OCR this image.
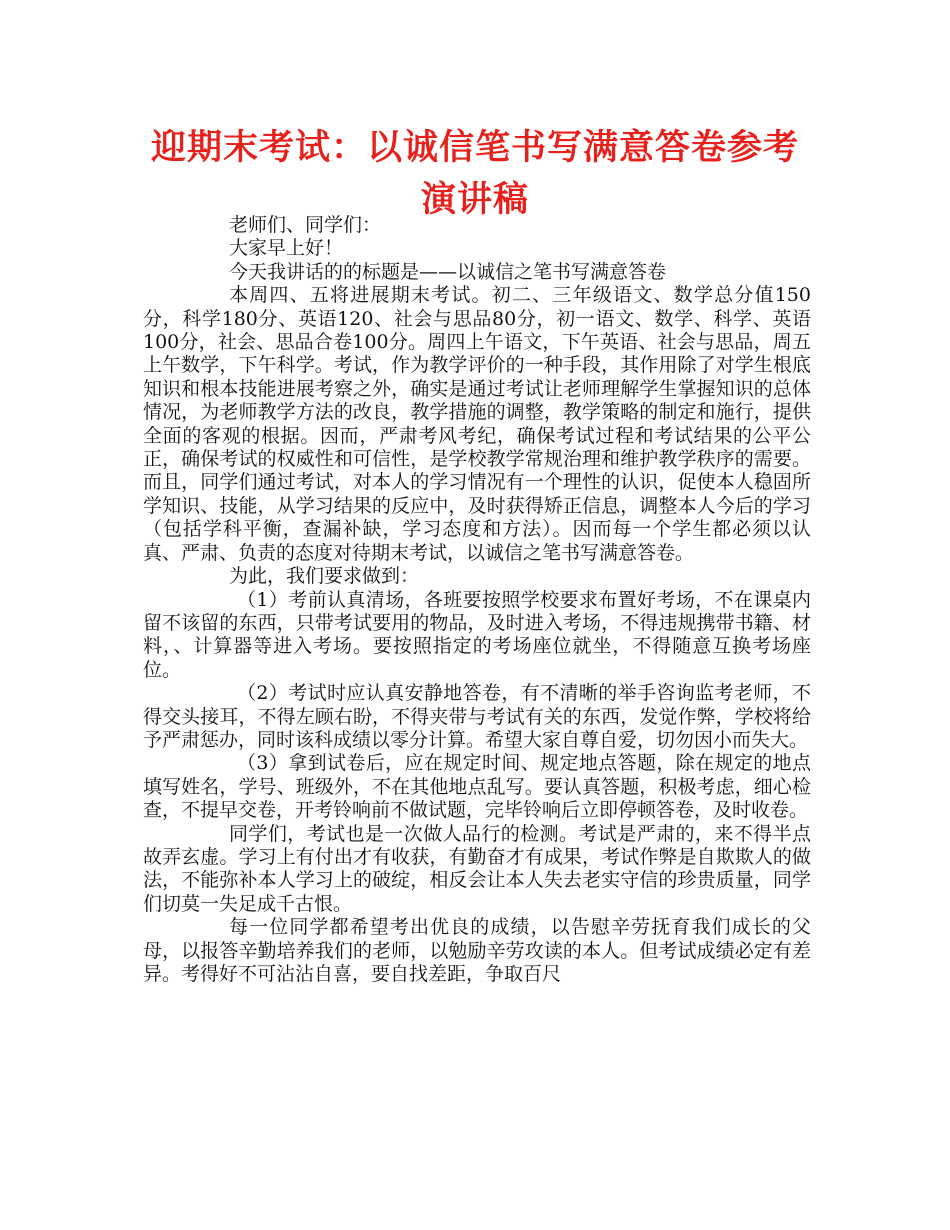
迎期末考试：以诚信笔书写满意答卷参考
演讲稿

老师们、同学们：

大家早上好！

今天我讲话的的标题是——以诚信之笔书写满意答卷

本周四、五将进展期末考试。初二、三年级语文、数学总分值150分，科学180分、英语120、社会与思品80分，初一语文、数学、科学、英语100分，社会、思品合卷100分。周四上午语文，下午英语、社会与思品，周五上午数学，下午科学。考试，作为教学评价的一种手段，其作用除了对学生根底知识和根本技能进展考察之外，确实是通过考试让老师理解学生掌握知识的总体情况，为老师教学方法的改良，教学措施的调整，教学策略的制定和施行，提供全面的客观的根据。因而，严肃考风考纪，确保考试过程和考试结果的公平公正，确保考试的权威性和可信性，是学校教学常规治理和维护教学秩序的需要。而且，同学们通过考试，对本人的学习情况有一个理性的认识，促使本人稳固所学知识、技能，从学习结果的反应中，及时获得矫正信息，调整本人今后的学习（包括学科平衡，查漏补缺，学习态度和方法）。因而每一个学生都必须以认真、严肃、负责的态度对待期末考试，以诚信之笔书写满意答卷。

为此，我们要求做到：

（1）考前认真清场，各班要按照学校要求布置好考场，不在课桌内留不该留的东西，只带考试要用的物品，及时进入考场，不得违规携带书籍、材料，、计算器等进入考场。要按照指定的考场座位就坐，不得随意互换考场座位。

（2）考试时应认真安静地答卷，有不清晰的举手咨询监考老师，不得交头接耳，不得左顾右盼，不得夹带与考试有关的东西，发觉作弊，学校将给予严肃惩办，同时该科成绩以零分计算。希望大家自尊自爱，切勿因小而失大。

（3）拿到试卷后，应在规定时间、规定地点答题，除在规定的地点填写姓名，学号、班级外，不在其他地点乱写。要认真答题，积极考虑，细心检查，不提早交卷，开考铃响前不做试题，完毕铃响后立即停顿答卷，及时收卷。

同学们，考试也是一次做人品行的检测。考试是严肃的，来不得半点故弄玄虚。学习上有付出才有收获，有勤奋才有成果，考试作弊是自欺欺人的做法，不能弥补本人学习上的破绽，相反会让本人失去老实守信的珍贵质量，同学们切莫一失足成千古恨。

每一位同学都希望考出优良的成绩，以告慰辛劳抚育我们成长的父母，以报答辛勤培养我们的老师，以勉励辛劳攻读的本人。但考试成绩必定有差异。考得好不可沾沾自喜，要自找差距，争取百尺
